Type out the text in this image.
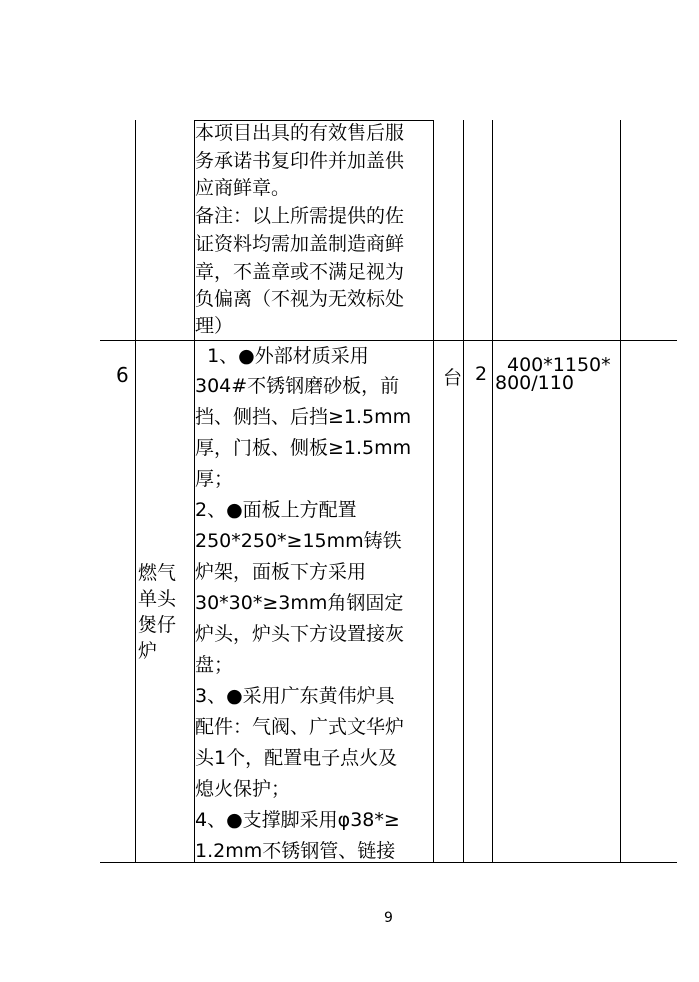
本项目出具的有效售后服
务承诺书复印件并加盖供
应商鲜章。
备注：以上所需提供的佐
证资料均需加盖制造商鲜
章，不盖章或不满足视为
负偏离（不视为无效标处
理）
6
燃气
单头
煲仔
炉
1、●外部材质采用
304#不锈钢磨砂板，前
挡、侧挡、后挡≥1.5mm
厚，门板、侧板≥1.5mm
厚；
2、●面板上方配置
250*250*≥15mm铸铁
炉架，面板下方采用
30*30*≥3mm角钢固定
炉头，炉头下方设置接灰
盘；
3、●采用广东黄伟炉具
配件：气阀、广式文华炉
头1个，配置电子点火及
熄火保护；
4、●支撑脚采用φ38*≥
1.2mm不锈钢管、链接
台 2 400*1150*
800/110
9
